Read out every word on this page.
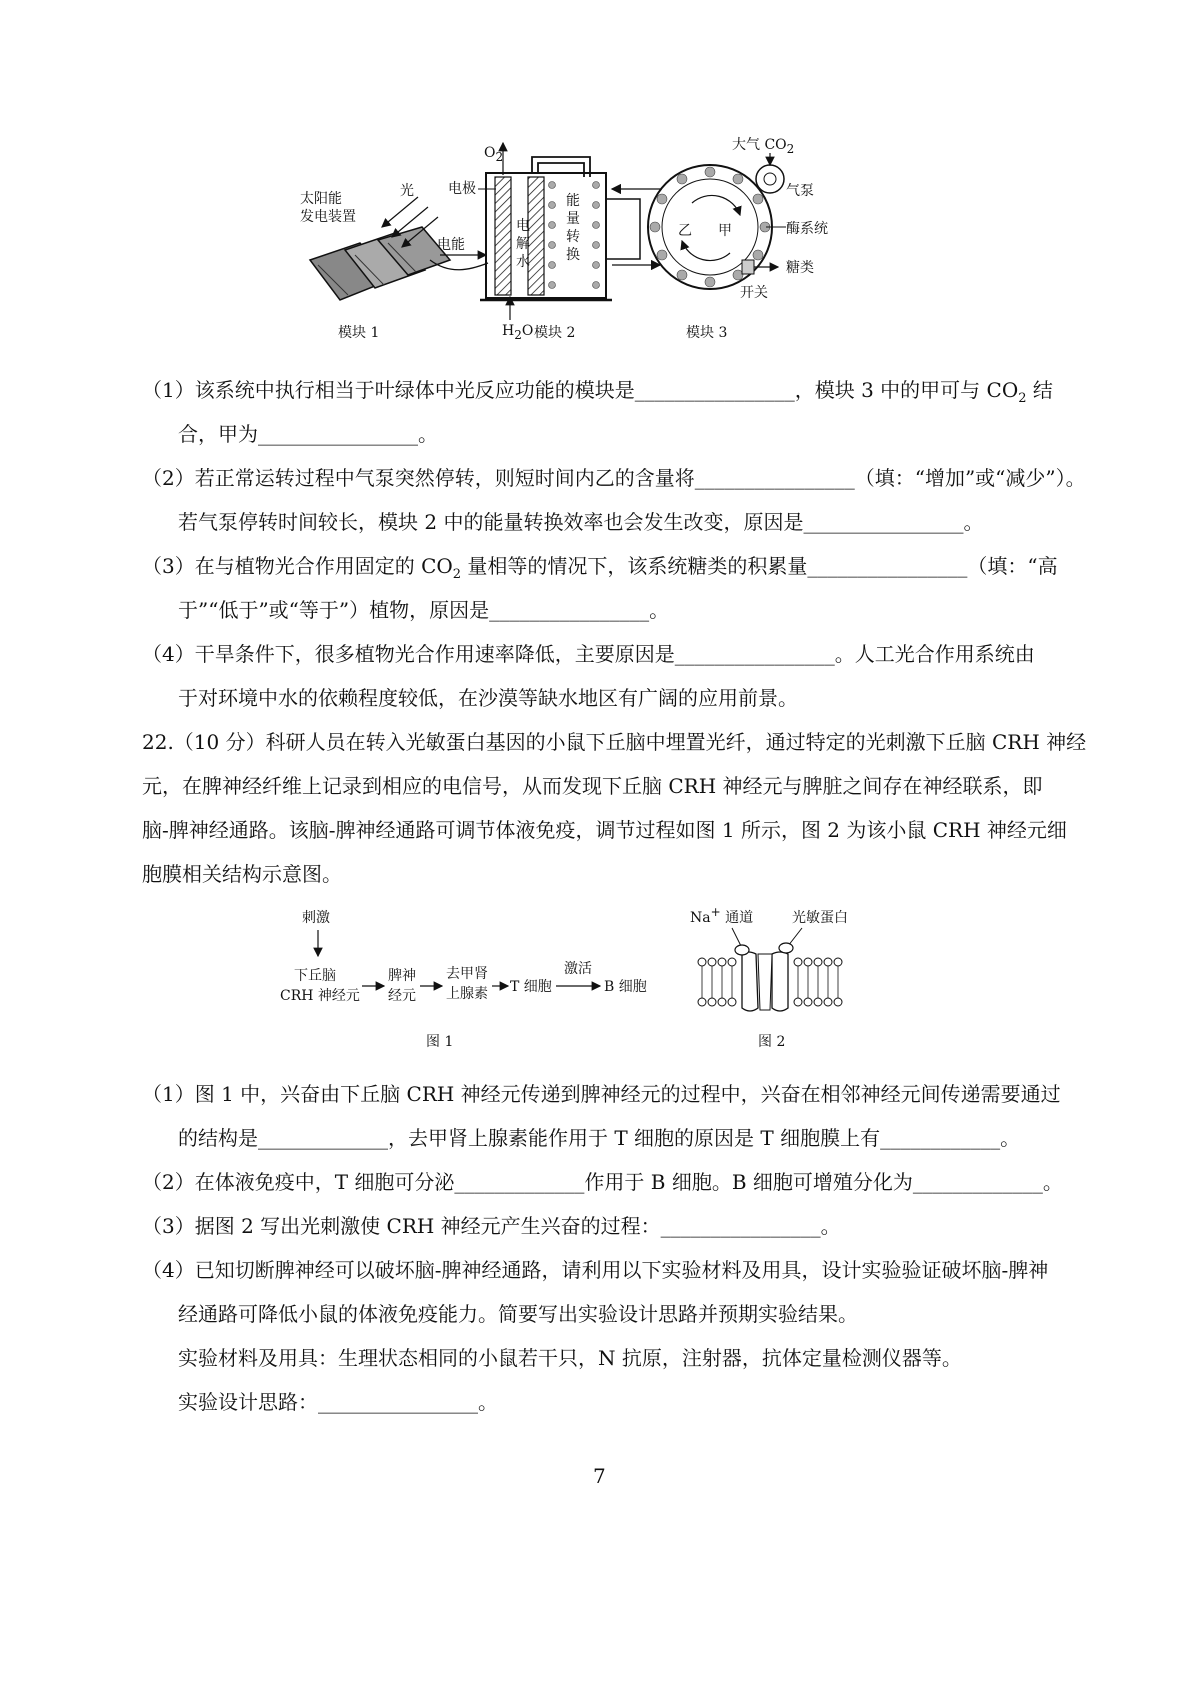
太阳能
发电装置
光
电能
电
解
水
能
量
转
换
O2
电极
H2O
乙 甲
大气 CO2
气泵
酶系统
糖类
开关
模块 1	模块 2	模块 3
（1）该系统中执行相当于叶绿体中光反应功能的模块是________________，模块 3 中的甲可与 $CO_2$ 结
合，甲为________________。
（2）若正常运转过程中气泵突然停转，则短时间内乙的含量将________________（填：“增加”或“减少”）。
若气泵停转时间较长，模块 2 中的能量转换效率也会发生改变，原因是________________。
（3）在与植物光合作用固定的 $CO_2$ 量相等的情况下，该系统糖类的积累量________________（填：“高
于”“低于”或“等于”）植物，原因是________________。
（4）干旱条件下，很多植物光合作用速率降低，主要原因是________________。人工光合作用系统由
于对环境中水的依赖程度较低，在沙漠等缺水地区有广阔的应用前景。
22.（10 分）科研人员在转入光敏蛋白基因的小鼠下丘脑中埋置光纤，通过特定的光刺激下丘脑 CRH 神经
元，在脾神经纤维上记录到相应的电信号，从而发现下丘脑 CRH 神经元与脾脏之间存在神经联系，即
脑-脾神经通路。该脑-脾神经通路可调节体液免疫，调节过程如图 1 所示，图 2 为该小鼠 CRH 神经元细
胞膜相关结构示意图。
刺激
下丘脑
CRH 神经元
脾神
经元
去甲肾
上腺素 T 细胞
激活
B 细胞
图 1
Na+ 通道	光敏蛋白
图 2
（1）图 1 中，兴奋由下丘脑 CRH 神经元传递到脾神经元的过程中，兴奋在相邻神经元间传递需要通过
的结构是_____________，去甲肾上腺素能作用于 T 细胞的原因是 T 细胞膜上有____________。
（2）在体液免疫中，T 细胞可分泌_____________作用于 B 细胞。B 细胞可增殖分化为_____________。
（3）据图 2 写出光刺激使 CRH 神经元产生兴奋的过程：________________。
（4）已知切断脾神经可以破坏脑-脾神经通路，请利用以下实验材料及用具，设计实验验证破坏脑-脾神
经通路可降低小鼠的体液免疫能力。简要写出实验设计思路并预期实验结果。
实验材料及用具：生理状态相同的小鼠若干只，N 抗原，注射器，抗体定量检测仪器等。
实验设计思路：________________。
7
